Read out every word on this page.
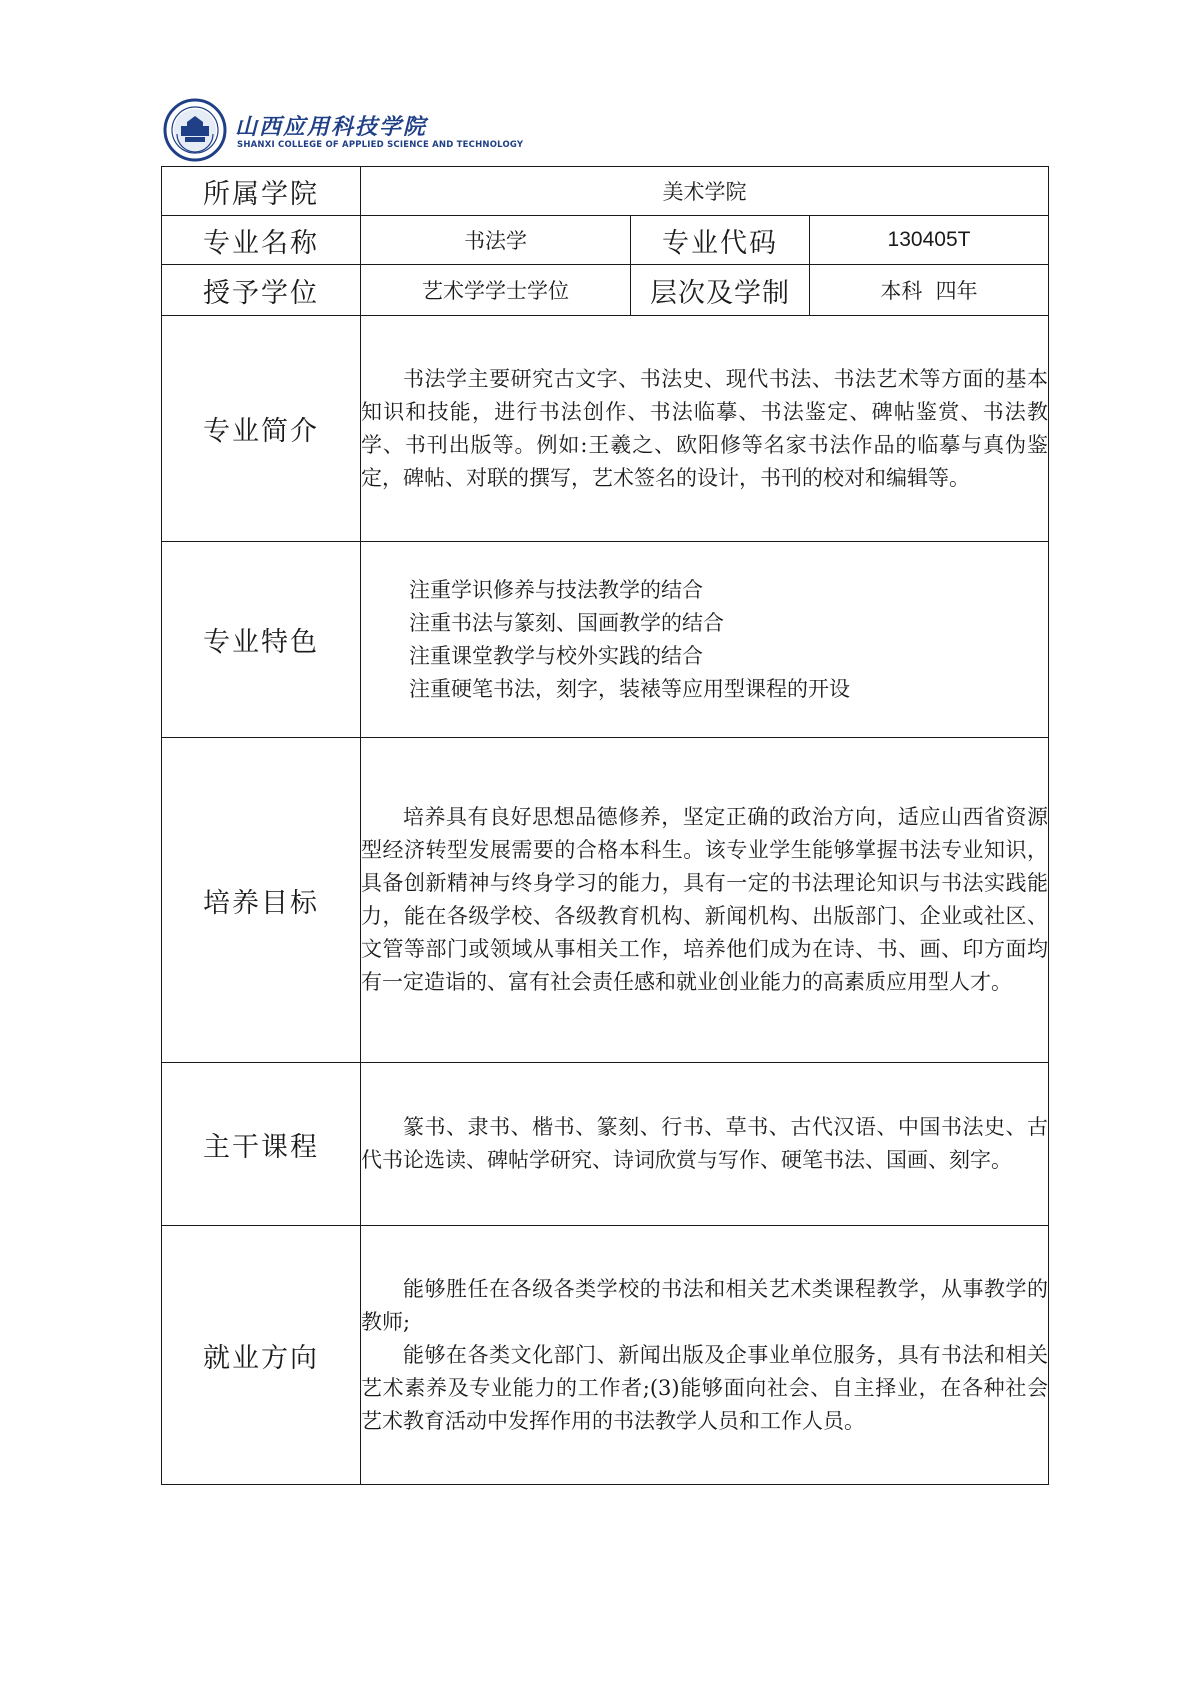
山西应用科技学院
SHANXI COLLEGE OF APPLIED SCIENCE AND TECHNOLOGY
所属学院	美术学院		
专业名称	书法学	专业代码	130405T
授予学位	艺术学学士学位	层次及学制	本科  四年
专业简介	书法学主要研究古文字、书法史、现代书法、书法艺术等方面的基本知识和技能，进行书法创作、书法临摹、书法鉴定、碑帖鉴赏、书法教学、书刊出版等。例如:王羲之、欧阳修等名家书法作品的临摹与真伪鉴定，碑帖、对联的撰写，艺术签名的设计，书刊的校对和编辑等。		

专业特色	注重学识修养与技法教学的结合
注重书法与篆刻、国画教学的结合
注重课堂教学与校外实践的结合
注重硬笔书法，刻字，装裱等应用型课程的开设		

培养目标	培养具有良好思想品德修养，坚定正确的政治方向，适应山西省资源型经济转型发展需要的合格本科生。该专业学生能够掌握书法专业知识，具备创新精神与终身学习的能力，具有一定的书法理论知识与书法实践能力，能在各级学校、各级教育机构、新闻机构、出版部门、企业或社区、文管等部门或领域从事相关工作，培养他们成为在诗、书、画、印方面均有一定造诣的、富有社会责任感和就业创业能力的高素质应用型人才。		

主干课程	篆书、隶书、楷书、篆刻、行书、草书、古代汉语、中国书法史、古代书论选读、碑帖学研究、诗词欣赏与写作、硬笔书法、国画、刻字。		

就业方向	能够胜任在各级各类学校的书法和相关艺术类课程教学，从事教学的教师;
能够在各类文化部门、新闻出版及企事业单位服务，具有书法和相关艺术素养及专业能力的工作者;(3)能够面向社会、自主择业，在各种社会艺术教育活动中发挥作用的书法教学人员和工作人员。		
